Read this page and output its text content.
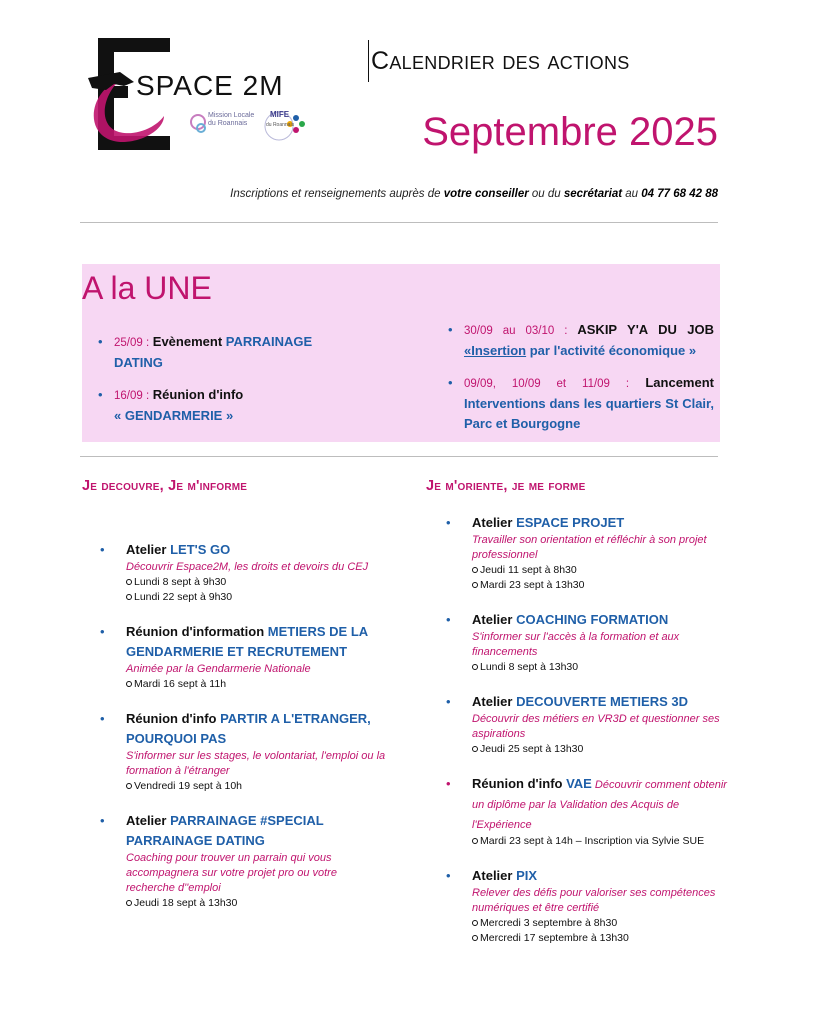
SPACE 2M
Mission Locale du Roannais
MIFE
du Roannais
Calendrier des actions
Septembre 2025
Inscriptions et renseignements auprès de votre conseiller ou du secrétariat au 04 77 68 42 88
A la UNE
• 25/09 : Evènement PARRAINAGE DATING
• 16/09 : Réunion d'info
« GENDARMERIE »
• 30/09 au 03/10 : ASKIP Y'A DU JOB «Insertion par l'activité économique »
• 09/09, 10/09 et 11/09 : Lancement Interventions dans les quartiers St Clair, Parc et Bourgogne
Je decouvre, Je m'informe
• Atelier LET'S GO
Découvrir Espace2M, les droits et devoirs du CEJ
Lundi 8 sept à 9h30
Lundi 22 sept à 9h30
• Réunion d'information METIERS DE LA GENDARMERIE ET RECRUTEMENT
Animée par la Gendarmerie Nationale
Mardi 16 sept à 11h
• Réunion d'info PARTIR A L'ETRANGER, POURQUOI PAS
S'informer sur les stages, le volontariat, l'emploi ou la formation à l'étranger
Vendredi 19 sept à 10h
• Atelier PARRAINAGE #SPECIAL PARRAINAGE DATING
Coaching pour trouver un parrain qui vous accompagnera sur votre projet pro ou votre recherche d''emploi
Jeudi 18 sept à 13h30
Je m'oriente, je me forme
• Atelier ESPACE PROJET
Travailler son orientation et réfléchir à son projet professionnel
Jeudi 11 sept à 8h30
Mardi 23 sept à 13h30
• Atelier COACHING FORMATION
S'informer sur l'accès à la formation et aux financements
Lundi 8 sept à 13h30
• Atelier DECOUVERTE METIERS 3D
Découvrir des métiers en VR3D et questionner ses aspirations
Jeudi 25 sept à 13h30
• Réunion d'info VAE Découvrir comment obtenir un diplôme par la Validation des Acquis de l'Expérience
Mardi 23 sept à 14h – Inscription via Sylvie SUE
• Atelier PIX
Relever des défis pour valoriser ses compétences numériques et être certifié
Mercredi 3 septembre à 8h30
Mercredi 17 septembre à 13h30
